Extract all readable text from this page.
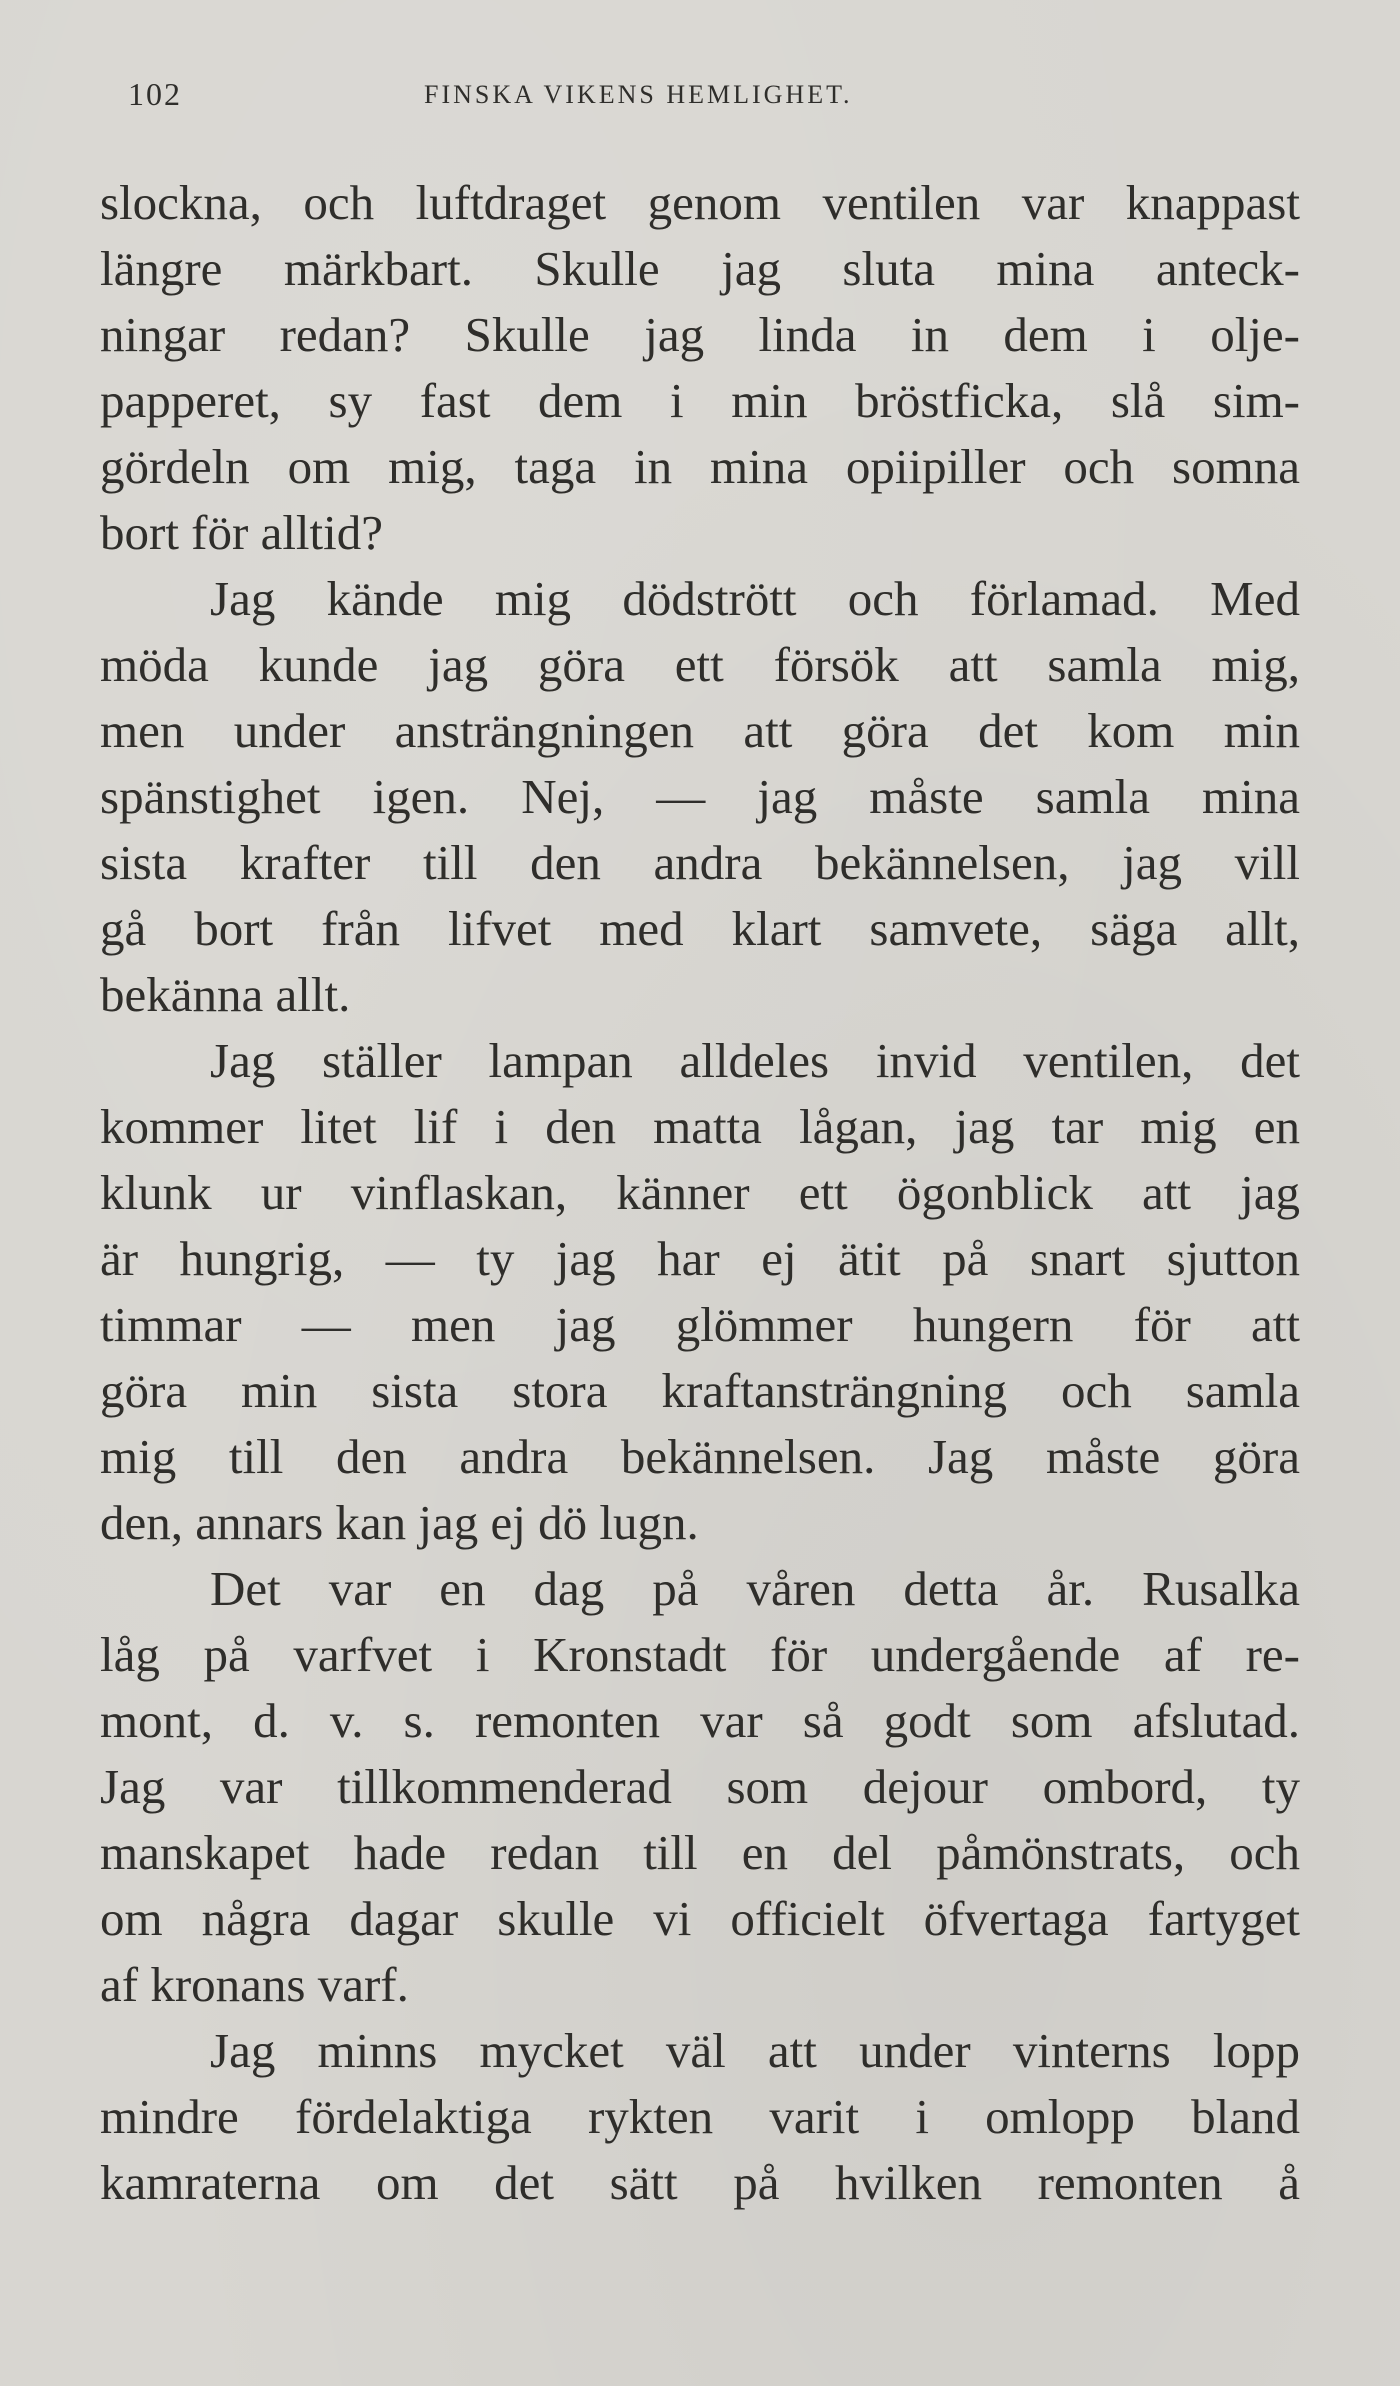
102	FINSKA VIKENS HEMLIGHET.
slockna, och luftdraget genom ventilen var knappast
längre märkbart. Skulle jag sluta mina anteck-
ningar redan? Skulle jag linda in dem i olje-
papperet, sy fast dem i min bröstficka, slå sim-
gördeln om mig, taga in mina opiipiller och somna
bort för alltid?
Jag kände mig dödstrött och förlamad. Med
möda kunde jag göra ett försök att samla mig,
men under ansträngningen att göra det kom min
spänstighet igen. Nej, — jag måste samla mina
sista krafter till den andra bekännelsen, jag vill
gå bort från lifvet med klart samvete, säga allt,
bekänna allt.
Jag ställer lampan alldeles invid ventilen, det
kommer litet lif i den matta lågan, jag tar mig en
klunk ur vinflaskan, känner ett ögonblick att jag
är hungrig, — ty jag har ej ätit på snart sjutton
timmar — men jag glömmer hungern för att
göra min sista stora kraftansträngning och samla
mig till den andra bekännelsen. Jag måste göra
den, annars kan jag ej dö lugn.
Det var en dag på våren detta år. Rusalka
låg på varfvet i Kronstadt för undergående af re-
mont, d. v. s. remonten var så godt som afslutad.
Jag var tillkommenderad som dejour ombord, ty
manskapet hade redan till en del påmönstrats, och
om några dagar skulle vi officielt öfvertaga fartyget
af kronans varf.
Jag minns mycket väl att under vinterns lopp
mindre fördelaktiga rykten varit i omlopp bland
kamraterna om det sätt på hvilken remonten å
